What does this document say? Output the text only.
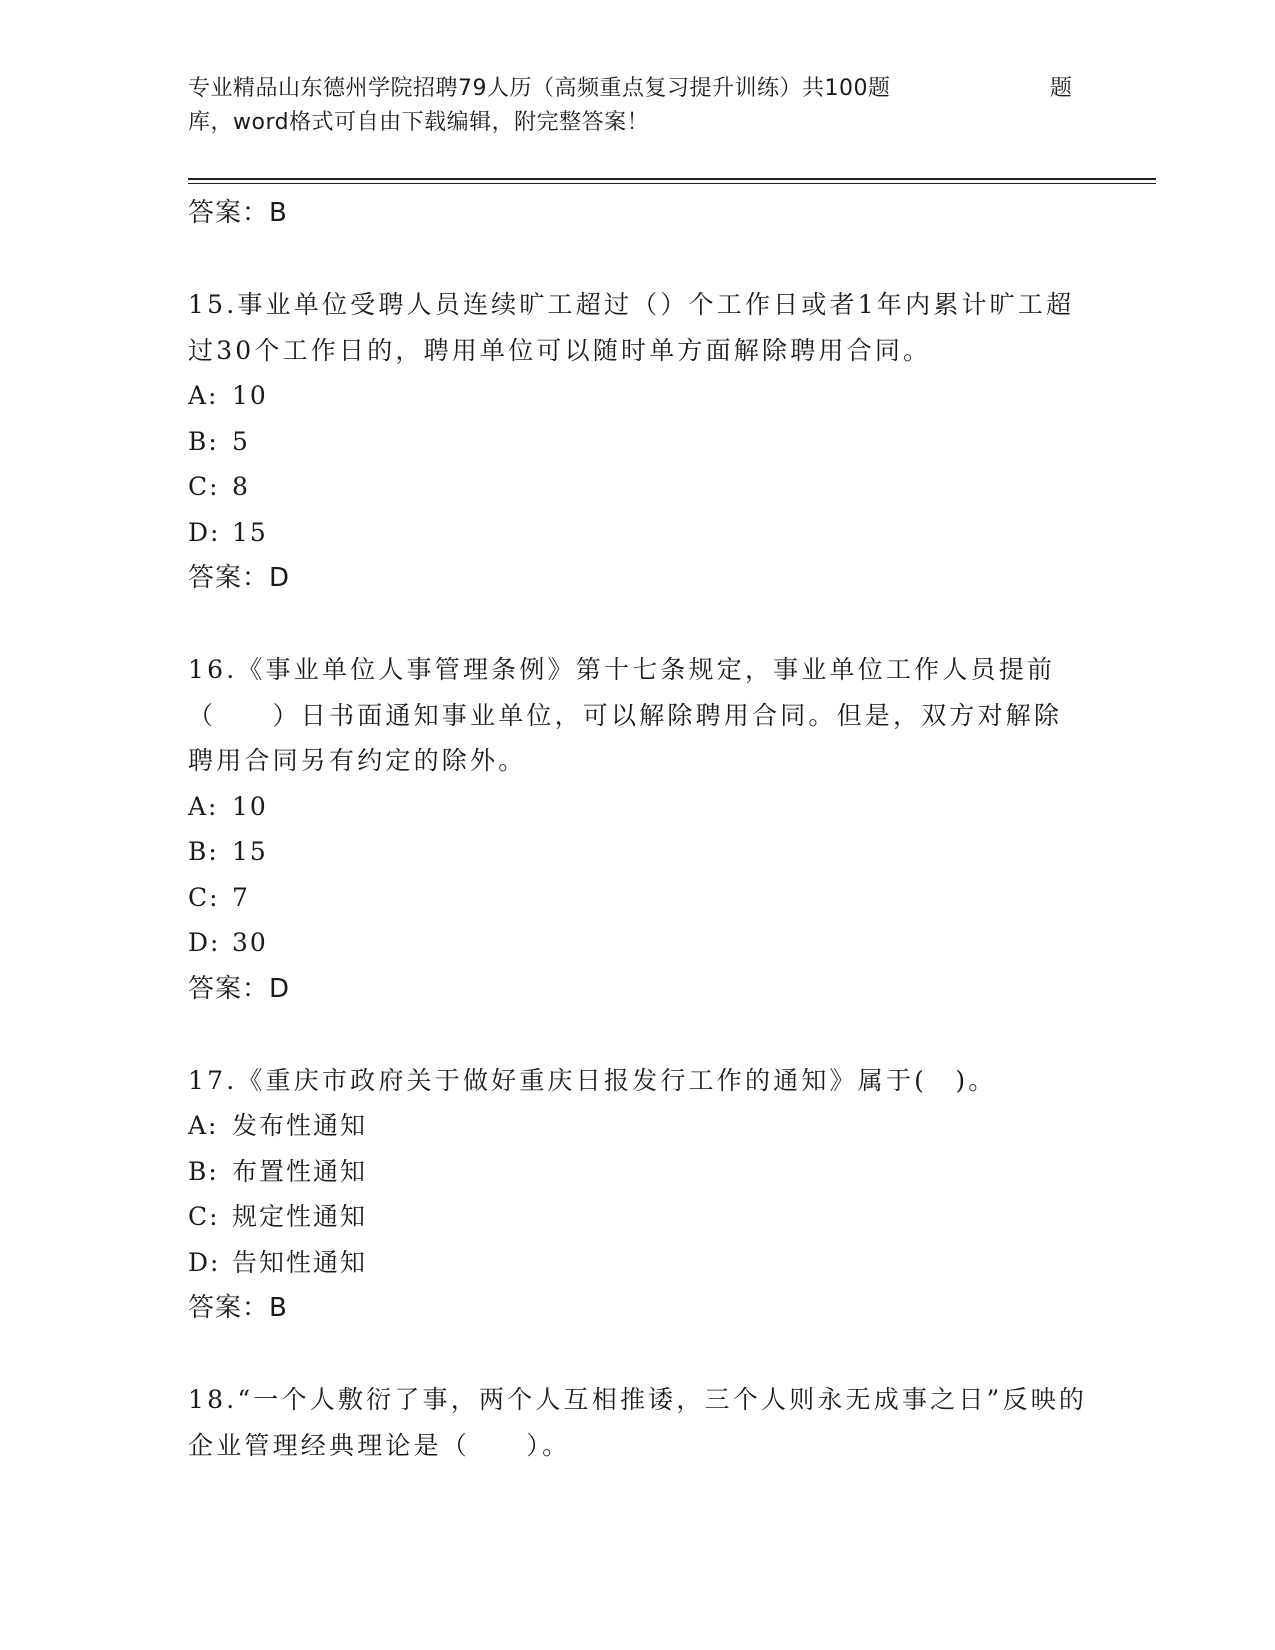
专业精品山东德州学院招聘79人历（高频重点复习提升训练）共100题	题
库，word格式可自由下载编辑，附完整答案！
答案：B
15.事业单位受聘人员连续旷工超过（）个工作日或者1年内累计旷工超过30个工作日的，聘用单位可以随时单方面解除聘用合同。
A: 10
B: 5
C: 8
D: 15
答案：D
16.《事业单位人事管理条例》第十七条规定，事业单位工作人员提前（　　）日书面通知事业单位，可以解除聘用合同。但是，双方对解除聘用合同另有约定的除外。
A: 10
B: 15
C: 7
D: 30
答案：D
17.《重庆市政府关于做好重庆日报发行工作的通知》属于(　)。
A: 发布性通知
B: 布置性通知
C: 规定性通知
D: 告知性通知
答案：B
18.“一个人敷衍了事，两个人互相推诿，三个人则永无成事之日”反映的企业管理经典理论是（　　）。
